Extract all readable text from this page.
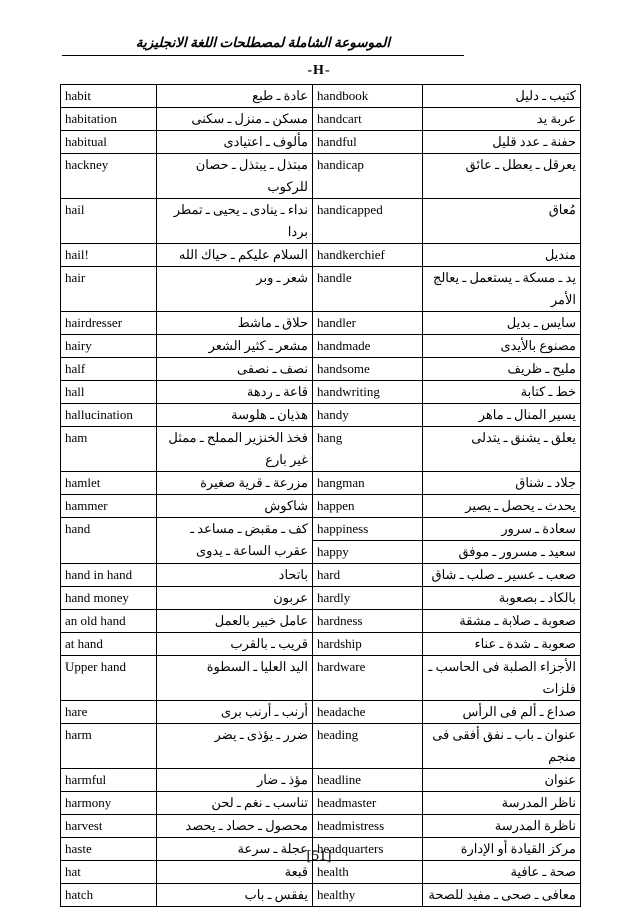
الموسوعة الشاملة لمصطلحات اللغة الانجليزية
-H-
habit	عادة ـ طبع	handbook	كتيب ـ دليل
habitation	مسكن ـ منزل ـ سكنى	handcart	عربة يد
habitual	مألوف ـ اعتيادى	handful	حفنة ـ عدد قليل
hackney	مبتذل ـ يبتذل ـ حصان للركوب	handicap	يعرقل ـ يعطل ـ عائق
hail	نداء ـ ينادى ـ يحيى ـ تمطر بردا	handicapped	مُعاق
hail!	السلام عليكم ـ حياك الله	handkerchief	منديل
hair	شعر ـ وبر	handle	يد ـ مسكة ـ يستعمل ـ يعالج الأمر
hairdresser	حلاق ـ ماشط	handler	سايس ـ بديل
hairy	مشعر ـ كثير الشعر	handmade	مصنوع بالأيدى
half	نصف ـ نصفى	handsome	مليح ـ ظريف
hall	قاعة ـ ردهة	handwriting	خط ـ كتابة
hallucination	هذيان ـ هلوسة	handy	يسير المنال ـ ماهر
ham	فخذ الخنزير المملح ـ ممثل غير بارع	hang	يعلق ـ يشنق ـ يتدلى
hamlet	مزرعة ـ قرية صغيرة	hangman	جلاد ـ شناق
hammer	شاكوش	happen	يحدث ـ يحصل ـ يصير
hand	كف ـ مقبض ـ مساعد ـ عقرب الساعة ـ يدوى	happiness	سعادة ـ سرور
		happy	سعيد ـ مسرور ـ موفق
hand in hand	باتحاد	hard	صعب ـ عسير ـ صلب ـ شاق
hand money	عربون	hardly	بالكاد ـ بصعوبة
an old hand	عامل خبير بالعمل	hardness	صعوبة ـ صلابة ـ مشقة
at hand	قريب ـ بالقرب	hardship	صعوبة ـ شدة ـ عناء
Upper hand	اليد العليا ـ السطوة	hardware	الأجزاء الصلبة فى الحاسب ـ فلزات
hare	أرنب ـ أرنب برى	headache	صداع ـ ألم فى الرأس
harm	ضرر ـ يؤذى ـ يضر	heading	عنوان ـ باب ـ نفق أفقى فى منجم
harmful	مؤذ ـ ضار	headline	عنوان
harmony	تناسب ـ نغم ـ لحن	headmaster	ناظر المدرسة
harvest	محصول ـ حصاد ـ يحصد	headmistress	ناظرة المدرسة
haste	عجلة ـ سرعة	headquarters	مركز القيادة أو الإدارة
hat	قبعة	health	صحة ـ عافية
hatch	يفقس ـ باب	healthy	معافى ـ صحى ـ مفيد للصحة
[51]
